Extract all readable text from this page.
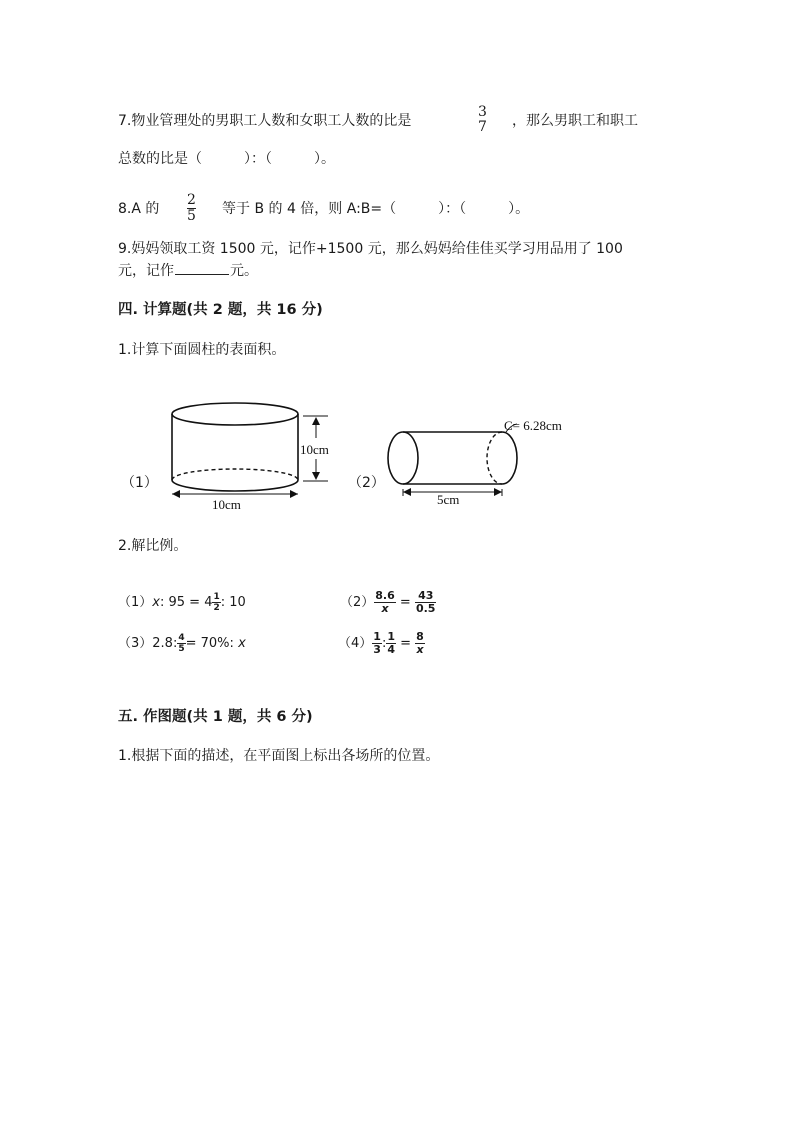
7.物业管理处的男职工人数和女职工人数的比是
3
7 ，那么男职工和职工
总数的比是（　　　）：（　　　）。
8.A 的 $\frac{2}{5}$ 等于 B 的 4 倍，则 A:B=（　　　）：（　　　）。
9.妈妈领取工资 1500 元，记作+1500 元，那么妈妈给佳佳买学习用品用了 100
元，记作	元。
四. 计算题(共 2 题，共 16 分)
1.计算下面圆柱的表面积。
（1）
10cm
10cm
（2）
C= 6.28cm
5cm
2.解比例。
（1）x: $95 = 4 \frac{1}{2}$ : 10	$(2) \frac{8.6}{x} = \frac{43}{0.5}$
（3）2.8: $\frac{4}{5} = 70\%$: x	$(4) \frac{1}{3}$ : $\frac{1}{4} = \frac{8}{x}$
五. 作图题(共 1 题，共 6 分)
1.根据下面的描述，在平面图上标出各场所的位置。
